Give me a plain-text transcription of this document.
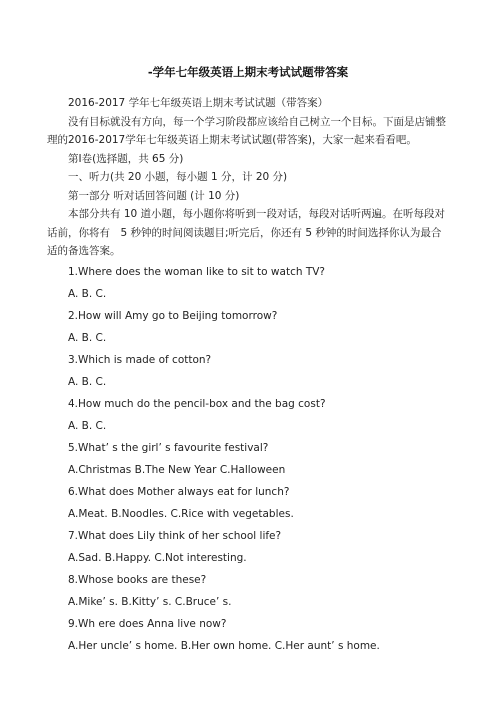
-学年七年级英语上期末考试试题带答案

2016-2017 学年七年级英语上期末考试试题（带答案）

没有目标就没有方向，每一个学习阶段都应该给自己树立一个目标。下面是店铺整理的2016-2017学年七年级英语上期末考试试题(带答案)，大家一起来看看吧。

第Ⅰ卷(选择题，共 65 分)

一、听力(共 20 小题，每小题 1 分，计 20 分)

第一部分 听对话回答问题 (计 10 分)

本部分共有 10 道小题，每小题你将听到一段对话，每段对话听两遍。在听每段对话前，你将有　5 秒钟的时间阅读题目;听完后，你还有 5 秒钟的时间选择你认为最合适的备选答案。

1.Where does the woman like to sit to watch TV?

A. B. C.

2.How will Amy go to Beijing tomorrow?

A. B. C.

3.Which is made of cotton?

A. B. C.

4.How much do the pencil-box and the bag cost?

A. B. C.

5.What’ s the girl’ s favourite festival?

A.Christmas B.The New Year C.Halloween

6.What does Mother always eat for lunch?

A.Meat. B.Noodles. C.Rice with vegetables.

7.What does Lily think of her school life?

A.Sad. B.Happy. C.Not interesting.

8.Whose books are these?

A.Mike’ s. B.Kitty’ s. C.Bruce’ s.

9.Wh ere does Anna live now?

A.Her uncle’ s home. B.Her own home. C.Her aunt’ s home.
